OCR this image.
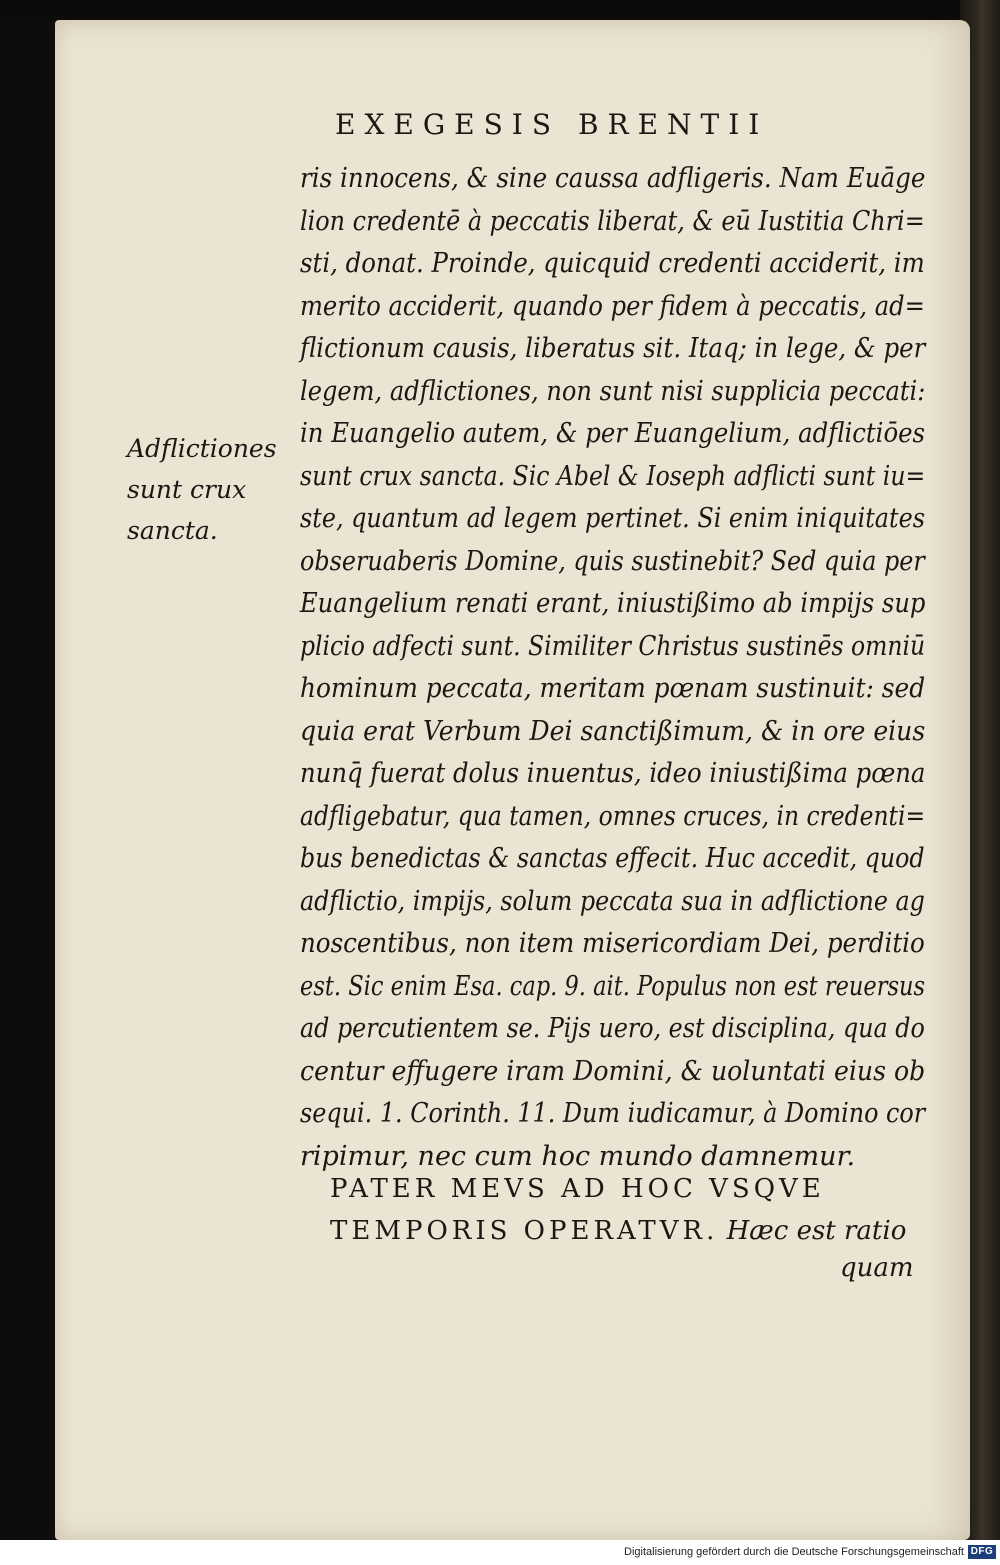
EXEGESIS BRENTII
Adflictiones
sunt crux
sancta.
ris innocens, & sine caussa adfligeris. Nam Euāge
lion credentē à peccatis liberat, & eū Iustitia Chri=
sti, donat. Proinde, quicquid credenti acciderit, im
merito acciderit, quando per fidem à peccatis, ad=
flictionum causis, liberatus sit. Itaq; in lege, & per
legem, adflictiones, non sunt nisi supplicia peccati:
in Euangelio autem, & per Euangelium, adflictiōes
sunt crux sancta. Sic Abel & Ioseph adflicti sunt iu=
ste, quantum ad legem pertinet. Si enim iniquitates
obseruaberis Domine, quis sustinebit? Sed quia per
Euangelium renati erant, iniustißimo ab impijs sup
plicio adfecti sunt. Similiter Christus sustinēs omniū
hominum peccata, meritam pœnam sustinuit: sed
quia erat Verbum Dei sanctißimum, & in ore eius
nunq̄ fuerat dolus inuentus, ideo iniustißima pœna
adfligebatur, qua tamen, omnes cruces, in credenti=
bus benedictas & sanctas effecit. Huc accedit, quod
adflictio, impijs, solum peccata sua in adflictione ag
noscentibus, non item misericordiam Dei, perditio
est. Sic enim Esa. cap. 9. ait. Populus non est reuersus
ad percutientem se. Pijs uero, est disciplina, qua do
centur effugere iram Domini, & uoluntati eius ob
sequi. 1. Corinth. 11. Dum iudicamur, à Domino cor
ripimur, nec cum hoc mundo damnemur.
PATER MEVS AD HOC VSQVE
TEMPORIS OPERATVR. Hæc est ratio
quam
Digitalisierung gefördert durch die Deutsche Forschungsgemeinschaft DFG
